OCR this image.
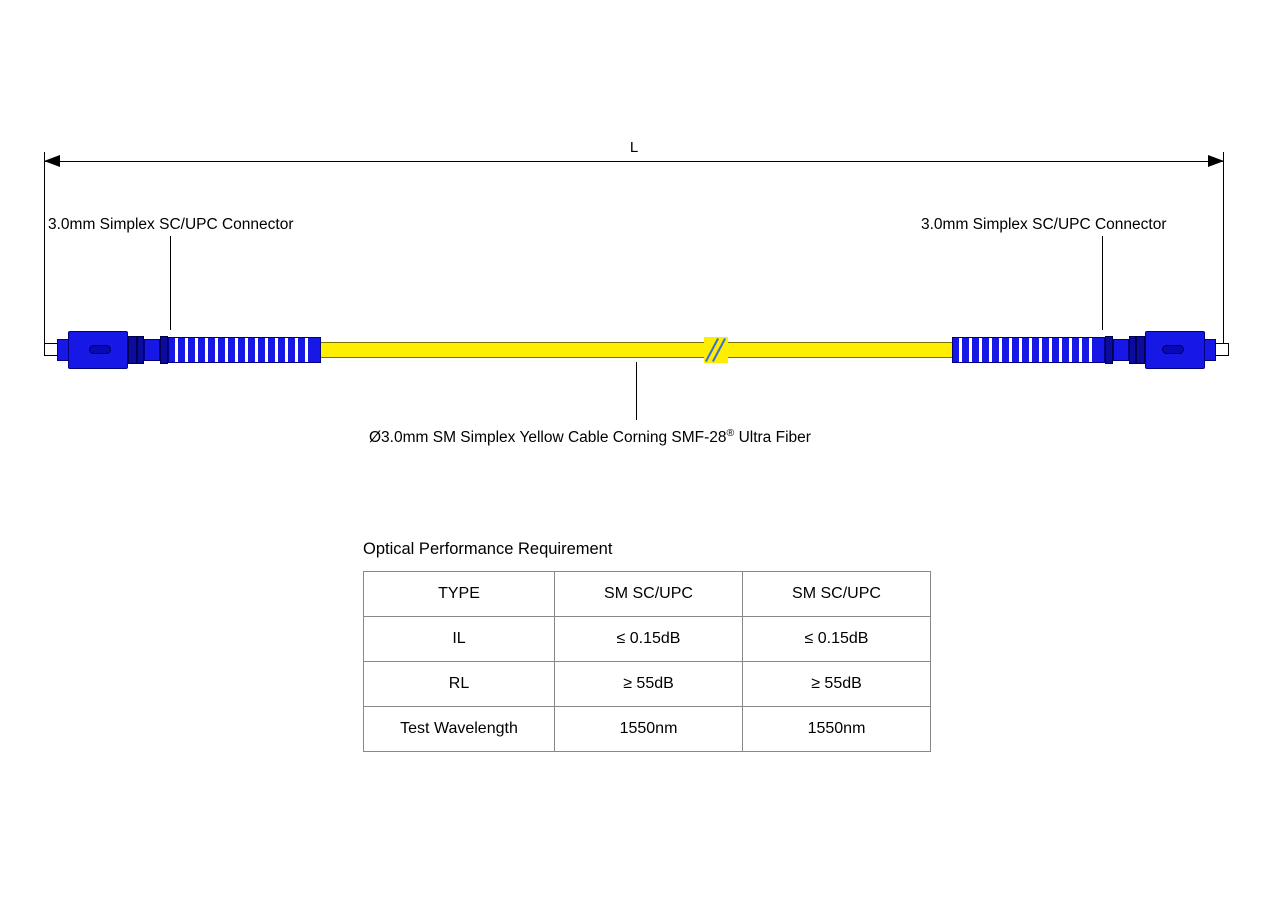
L
3.0mm Simplex SC/UPC Connector	3.0mm Simplex SC/UPC Connector
Ø3.0mm SM Simplex Yellow Cable Corning SMF-28® Ultra Fiber
Optical Performance Requirement
TYPE	SM SC/UPC	SM SC/UPC
IL	≤ 0.15dB	≤ 0.15dB
RL	≥ 55dB	≥ 55dB
Test Wavelength	1550nm	1550nm
